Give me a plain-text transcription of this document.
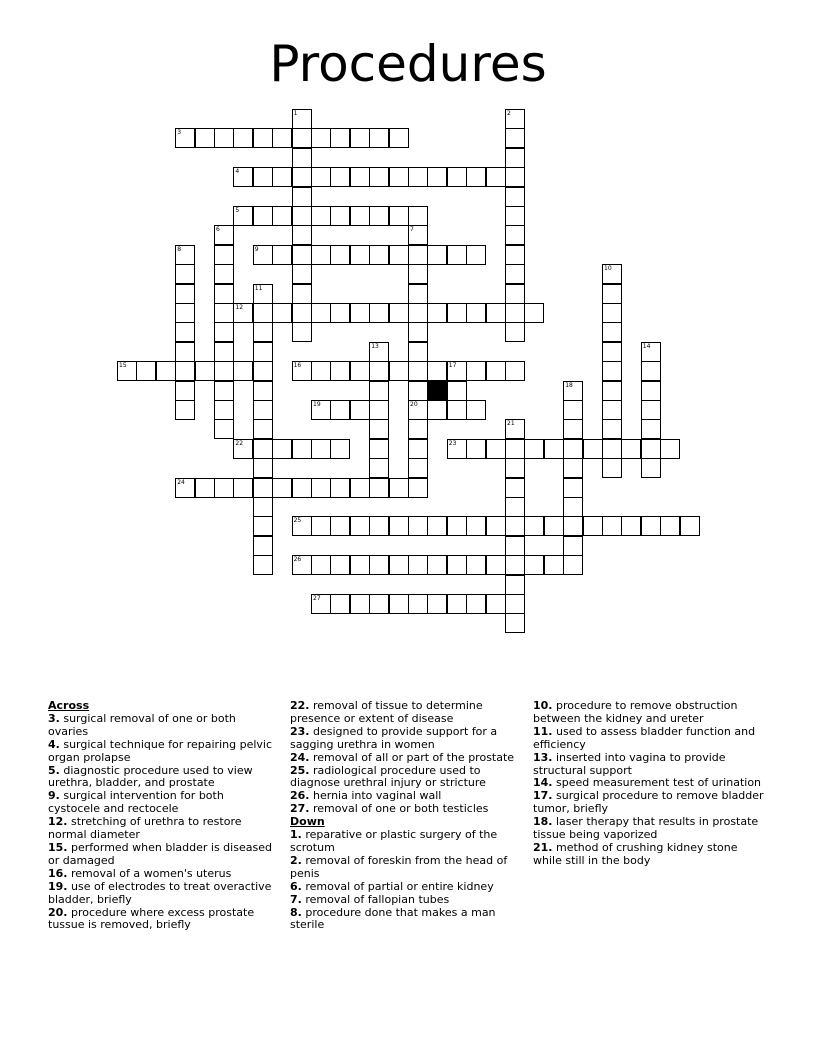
Procedures
1	2
3
4
5
6	7
20
8	9
10
11
12
13	14
15	16	17
18
19
21
22	23
24
25
26
27
Across
3. surgical removal of one or both ovaries
4. surgical technique for repairing pelvic organ prolapse
5. diagnostic procedure used to view urethra, bladder, and prostate
9. surgical intervention for both cystocele and rectocele
12. stretching of urethra to restore normal diameter
15. performed when bladder is diseased or damaged
16. removal of a women's uterus
19. use of electrodes to treat overactive bladder, briefly
20. procedure where excess prostate tussue is removed, briefly
22. removal of tissue to determine presence or extent of disease
23. designed to provide support for a sagging urethra in women
24. removal of all or part of the prostate
25. radiological procedure used to diagnose urethral injury or stricture
26. hernia into vaginal wall
27. removal of one or both testicles
Down
1. reparative or plastic surgery of the scrotum
2. removal of foreskin from the head of penis
6. removal of partial or entire kidney
7. removal of fallopian tubes
8. procedure done that makes a man sterile
10. procedure to remove obstruction between the kidney and ureter
11. used to assess bladder function and efficiency
13. inserted into vagina to provide structural support
14. speed measurement test of urination
17. surgical procedure to remove bladder tumor, briefly
18. laser therapy that results in prostate tissue being vaporized
21. method of crushing kidney stone while still in the body
